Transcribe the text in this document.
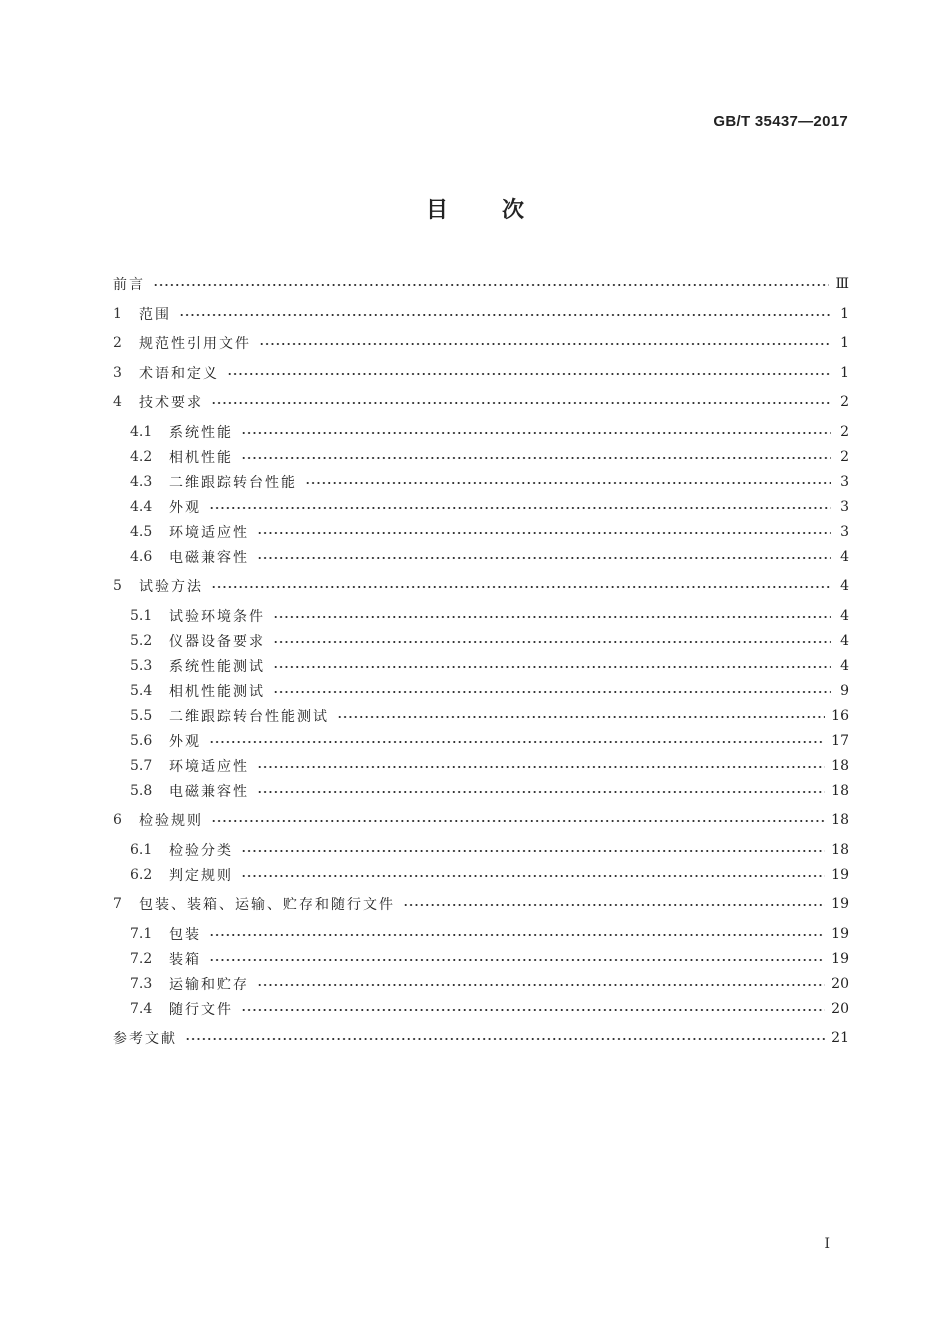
GB/T 35437—2017
目次
前言	Ⅲ
1	范围	1
2	规范性引用文件	1
3	术语和定义	1
4	技术要求	2
4.1	系统性能	2
4.2	相机性能	2
4.3	二维跟踪转台性能	3
4.4	外观	3
4.5	环境适应性	3
4.6	电磁兼容性	4
5	试验方法	4
5.1	试验环境条件	4
5.2	仪器设备要求	4
5.3	系统性能测试	4
5.4	相机性能测试	9
5.5	二维跟踪转台性能测试	16
5.6	外观	17
5.7	环境适应性	18
5.8	电磁兼容性	18
6	检验规则	18
6.1	检验分类	18
6.2	判定规则	19
7	包装、装箱、运输、贮存和随行文件	19
7.1	包装	19
7.2	装箱	19
7.3	运输和贮存	20
7.4	随行文件	20
参考文献	21
I
